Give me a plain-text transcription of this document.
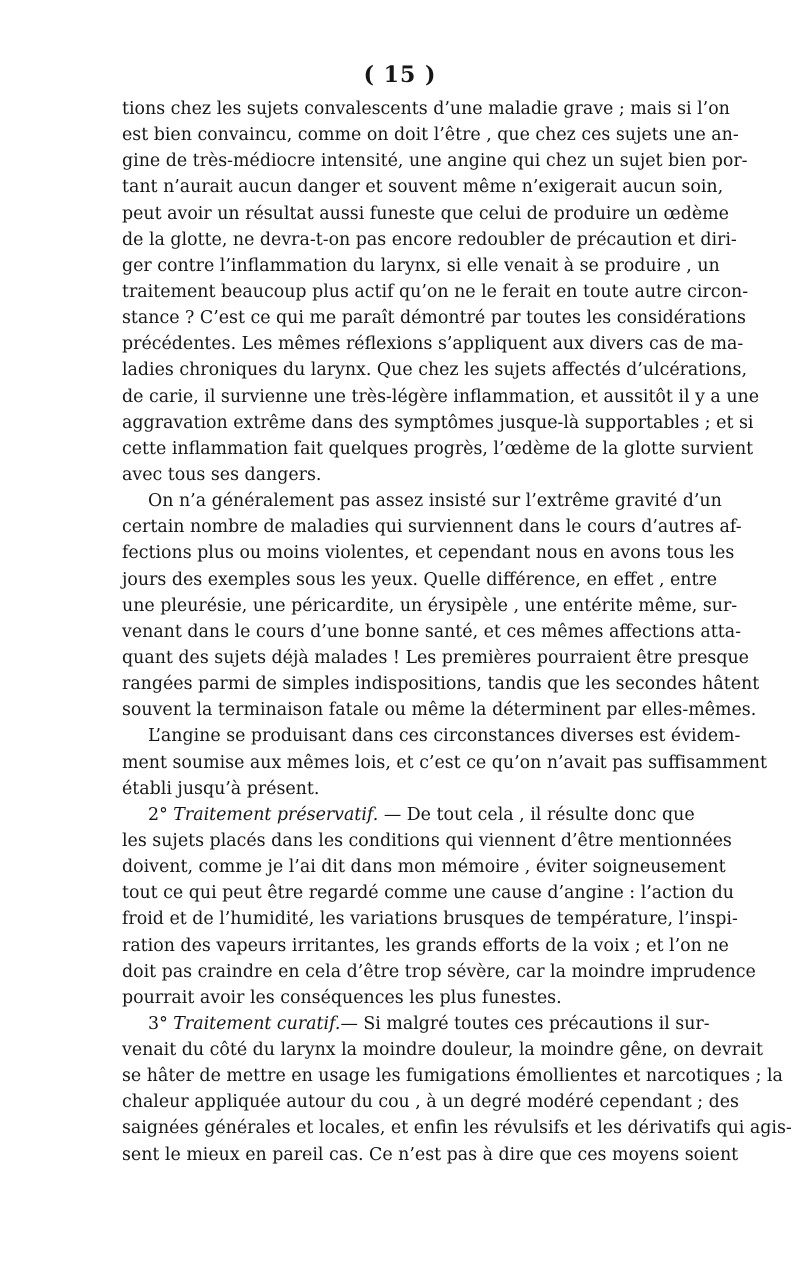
( 15 )
tions chez les sujets convalescents d’une maladie grave ; mais si l’on
est bien convaincu, comme on doit l’être , que chez ces sujets une an-
gine de très-médiocre intensité, une angine qui chez un sujet bien por-
tant n’aurait aucun danger et souvent même n’exigerait aucun soin,
peut avoir un résultat aussi funeste que celui de produire un œdème
de la glotte, ne devra-t-on pas encore redoubler de précaution et diri-
ger contre l’inflammation du larynx, si elle venait à se produire , un
traitement beaucoup plus actif qu’on ne le ferait en toute autre circon-
stance ? C’est ce qui me paraît démontré par toutes les considérations
précédentes. Les mêmes réflexions s’appliquent aux divers cas de ma-
ladies chroniques du larynx. Que chez les sujets affectés d’ulcérations,
de carie, il survienne une très-légère inflammation, et aussitôt il y a une
aggravation extrême dans des symptômes jusque-là supportables ; et si
cette inflammation fait quelques progrès, l’œdème de la glotte survient
avec tous ses dangers.
On n’a généralement pas assez insisté sur l’extrême gravité d’un
certain nombre de maladies qui surviennent dans le cours d’autres af-
fections plus ou moins violentes, et cependant nous en avons tous les
jours des exemples sous les yeux. Quelle différence, en effet , entre
une pleurésie, une péricardite, un érysipèle , une entérite même, sur-
venant dans le cours d’une bonne santé, et ces mêmes affections atta-
quant des sujets déjà malades ! Les premières pourraient être presque
rangées parmi de simples indispositions, tandis que les secondes hâtent
souvent la terminaison fatale ou même la déterminent par elles-mêmes.
L’angine se produisant dans ces circonstances diverses est évidem-
ment soumise aux mêmes lois, et c’est ce qu’on n’avait pas suffisamment
établi jusqu’à présent.
2° Traitement préservatif. — De tout cela , il résulte donc que
les sujets placés dans les conditions qui viennent d’être mentionnées
doivent, comme je l’ai dit dans mon mémoire , éviter soigneusement
tout ce qui peut être regardé comme une cause d’angine : l’action du
froid et de l’humidité, les variations brusques de température, l’inspi-
ration des vapeurs irritantes, les grands efforts de la voix ; et l’on ne
doit pas craindre en cela d’être trop sévère, car la moindre imprudence
pourrait avoir les conséquences les plus funestes.
3° Traitement curatif.— Si malgré toutes ces précautions il sur-
venait du côté du larynx la moindre douleur, la moindre gêne, on devrait
se hâter de mettre en usage les fumigations émollientes et narcotiques ; la
chaleur appliquée autour du cou , à un degré modéré cependant ; des
saignées générales et locales, et enfin les révulsifs et les dérivatifs qui agis-
sent le mieux en pareil cas. Ce n’est pas à dire que ces moyens soient
